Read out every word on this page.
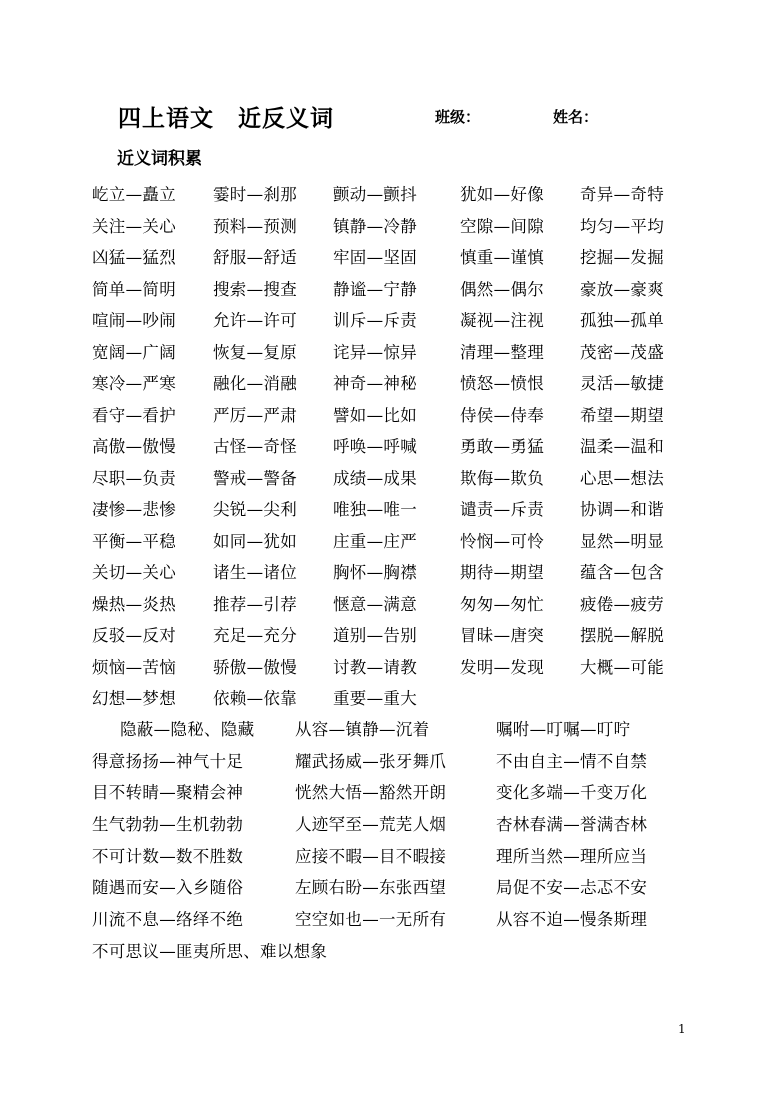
四上语文 近反义词	班级：	姓名：
近义词积累
屹立—矗立 霎时—刹那 颤动—颤抖	犹如—好像 奇异—奇特
关注—关心 预料—预测 镇静—冷静	空隙—间隙 均匀—平均
凶猛—猛烈 舒服—舒适 牢固—坚固	慎重—谨慎 挖掘—发掘
简单—简明 搜索—搜查 静谧—宁静	偶然—偶尔 豪放—豪爽
喧闹—吵闹 允许—许可 训斥—斥责	凝视—注视 孤独—孤单
宽阔—广阔 恢复—复原 诧异—惊异	清理—整理 茂密—茂盛
寒冷—严寒 融化—消融 神奇—神秘	愤怒—愤恨 灵活—敏捷
看守—看护 严厉—严肃 譬如—比如	侍侯—侍奉 希望—期望
高傲—傲慢 古怪—奇怪 呼唤—呼喊	勇敢—勇猛 温柔—温和
尽职—负责 警戒—警备 成绩—成果	欺侮—欺负 心思—想法
凄惨—悲惨 尖锐—尖利 唯独—唯一	谴责—斥责 协调—和谐
平衡—平稳 如同—犹如 庄重—庄严	怜悯—可怜 显然—明显
关切—关心 诸生—诸位 胸怀—胸襟	期待—期望 蕴含—包含
燥热—炎热 推荐—引荐 惬意—满意	匆匆—匆忙 疲倦—疲劳
反驳—反对 充足—充分 道别—告别	冒昧—唐突 摆脱—解脱
烦恼—苦恼 骄傲—傲慢 讨教—请教	发明—发现 大概—可能
幻想—梦想 依赖—依靠 重要—重大
隐蔽—隐秘、隐藏 从容—镇静—沉着	嘱咐—叮嘱—叮咛
得意扬扬—神气十足	耀武扬威—张牙舞爪	不由自主—情不自禁
目不转睛—聚精会神	恍然大悟—豁然开朗	变化多端—千变万化
生气勃勃—生机勃勃	人迹罕至—荒芜人烟	杏林春满—誉满杏林
不可计数—数不胜数	应接不暇—目不暇接	理所当然—理所应当
随遇而安—入乡随俗	左顾右盼—东张西望	局促不安—忐忑不安
川流不息—络绎不绝	空空如也—一无所有	从容不迫—慢条斯理
不可思议—匪夷所思、难以想象
1
